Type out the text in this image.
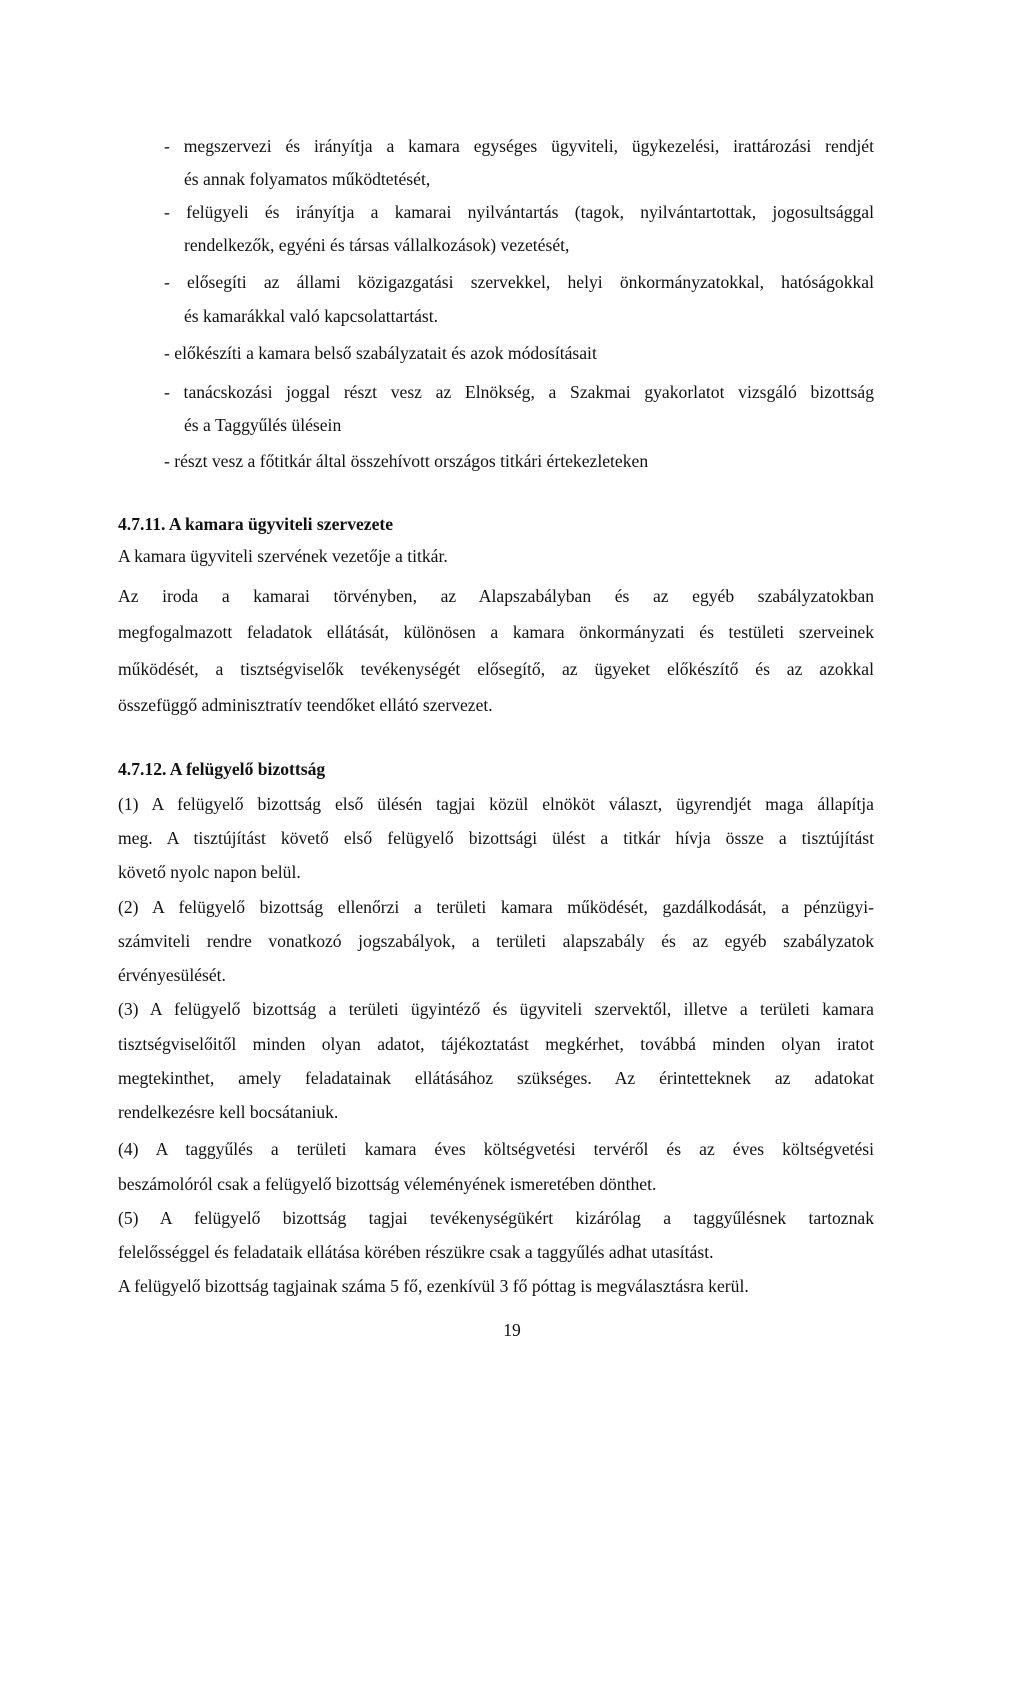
- megszervezi és irányítja a kamara egységes ügyviteli, ügykezelési, irattározási rendjét
és annak folyamatos működtetését,
- felügyeli és irányítja a kamarai nyilvántartás (tagok, nyilvántartottak, jogosultsággal
rendelkezők, egyéni és társas vállalkozások) vezetését,
- elősegíti az állami közigazgatási szervekkel, helyi önkormányzatokkal, hatóságokkal
és kamarákkal való kapcsolattartást.
- előkészíti a kamara belső szabályzatait és azok módosításait
- tanácskozási joggal részt vesz az Elnökség, a Szakmai gyakorlatot vizsgáló bizottság
és a Taggyűlés ülésein
- részt vesz a főtitkár által összehívott országos titkári értekezleteken
4.7.11. A kamara ügyviteli szervezete
A kamara ügyviteli szervének vezetője a titkár.
Az iroda a kamarai törvényben, az Alapszabályban és az egyéb szabályzatokban
megfogalmazott feladatok ellátását, különösen a kamara önkormányzati és testületi szerveinek
működését, a tisztségviselők tevékenységét elősegítő, az ügyeket előkészítő és az azokkal
összefüggő adminisztratív teendőket ellátó szervezet.
4.7.12. A felügyelő bizottság
(1) A felügyelő bizottság első ülésén tagjai közül elnököt választ, ügyrendjét maga állapítja
meg. A tisztújítást követő első felügyelő bizottsági ülést a titkár hívja össze a tisztújítást
követő nyolc napon belül.
(2) A felügyelő bizottság ellenőrzi a területi kamara működését, gazdálkodását, a pénzügyi-
számviteli rendre vonatkozó jogszabályok, a területi alapszabály és az egyéb szabályzatok
érvényesülését.
(3) A felügyelő bizottság a területi ügyintéző és ügyviteli szervektől, illetve a területi kamara
tisztségviselőitől minden olyan adatot, tájékoztatást megkérhet, továbbá minden olyan iratot
megtekinthet, amely feladatainak ellátásához szükséges. Az érintetteknek az adatokat
rendelkezésre kell bocsátaniuk.
(4) A taggyűlés a területi kamara éves költségvetési tervéről és az éves költségvetési
beszámolóról csak a felügyelő bizottság véleményének ismeretében dönthet.
(5) A felügyelő bizottság tagjai tevékenységükért kizárólag a taggyűlésnek tartoznak
felelősséggel és feladataik ellátása körében részükre csak a taggyűlés adhat utasítást.
A felügyelő bizottság tagjainak száma 5 fő, ezenkívül 3 fő póttag is megválasztásra kerül.
19
